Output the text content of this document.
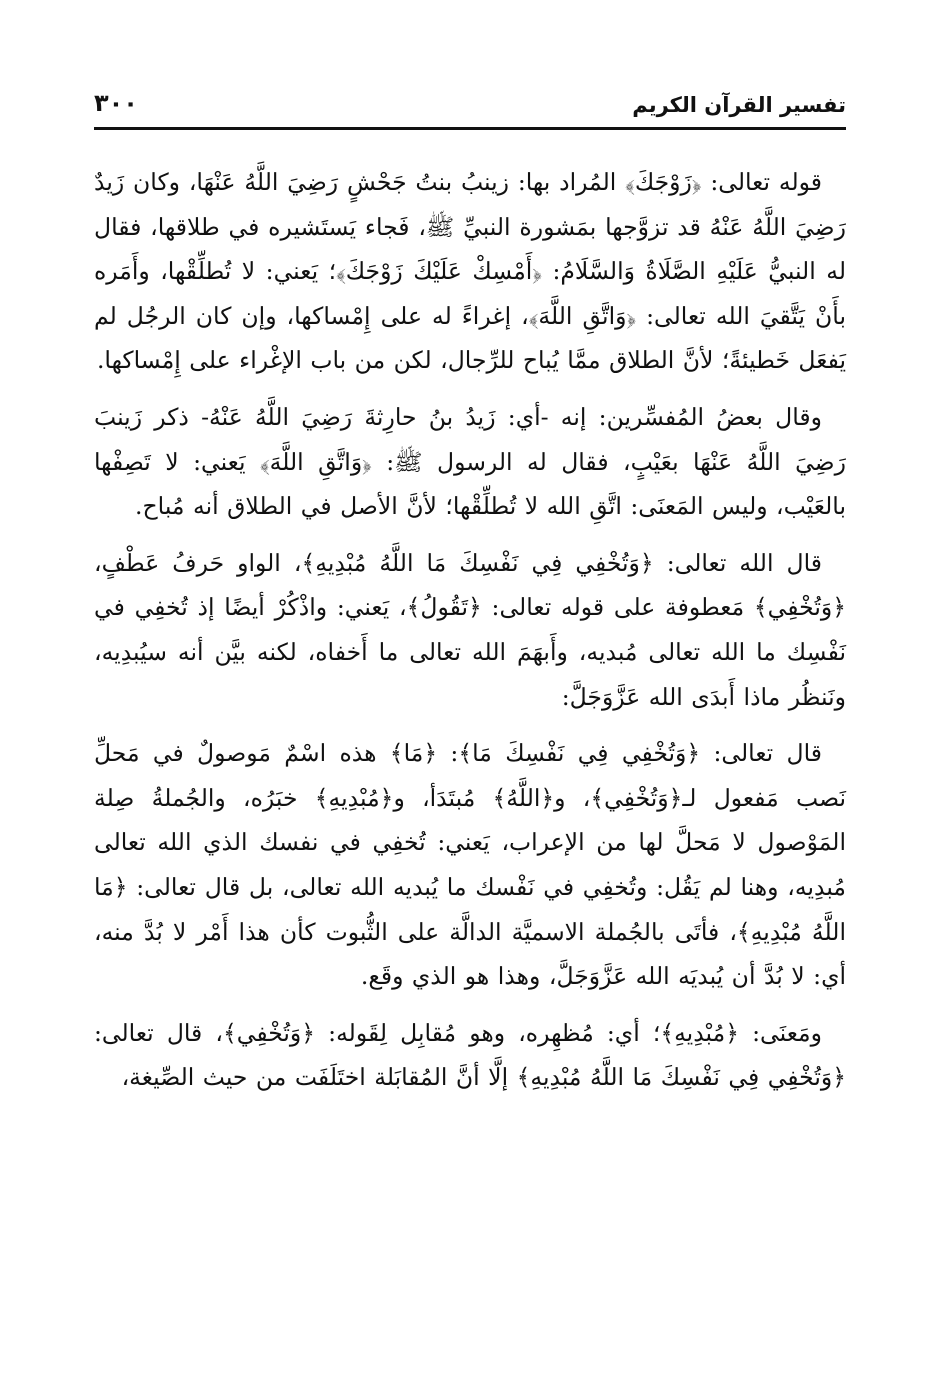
تفسير القرآن الكريم
٣٠٠

قوله تعالى: ﴿زَوْجَكَ﴾ المُراد بها: زينبُ بنتُ جَحْشٍ رَضِيَ اللَّهُ عَنْهَا، وكان زَيدٌ رَضِيَ اللَّهُ عَنْهُ قد تزوَّجها بمَشورة النبيِّ ﷺ، فَجاء يَستَشيره في طلاقها، فقال له النبيُّ عَلَيْهِ الصَّلَاةُ وَالسَّلَامُ: ﴿أَمْسِكْ عَلَيْكَ زَوْجَكَ﴾؛ يَعني: لا تُطلِّقْها، وأَمَره بأَنْ يَتَّقيَ الله تعالى: ﴿وَاتَّقِ اللَّهَ﴾، إغراءً له على إِمْساكها، وإن كان الرجُل لم يَفعَل خَطيئةً؛ لأنَّ الطلاق ممَّا يُباح للرِّجال، لكن من باب الإغْراء على إِمْساكها.

وقال بعضُ المُفسِّرين: إنه -أي: زَيدُ بنُ حارِثةَ رَضِيَ اللَّهُ عَنْهُ- ذكر زَينبَ رَضِيَ اللَّهُ عَنْهَا بعَيْبٍ، فقال له الرسول ﷺ: ﴿وَاتَّقِ اللَّهَ﴾ يَعني: لا تَصِفْها بالعَيْب، وليس المَعنَى: اتَّقِ الله لا تُطلِّقْها؛ لأنَّ الأصل في الطلاق أنه مُباح.

قال الله تعالى: ﴿وَتُخْفِي فِي نَفْسِكَ مَا اللَّهُ مُبْدِيهِ﴾، الواو حَرفُ عَطْفٍ، ﴿وَتُخْفِي﴾ مَعطوفة على قوله تعالى: ﴿تَقُولُ﴾، يَعني: واذْكُرْ أيضًا إذ تُخفِي في نَفْسِك ما الله تعالى مُبديه، وأَبهَمَ الله تعالى ما أَخفاه، لكنه بيَّن أنه سيُبدِيه، ونَنظُر ماذا أَبدَى الله عَزَّوَجَلَّ:

قال تعالى: ﴿وَتُخْفِي فِي نَفْسِكَ مَا﴾: ﴿مَا﴾ هذه اسْمٌ مَوصولٌ في مَحلِّ نَصب مَفعول لـ﴿وَتُخْفِي﴾، و﴿اللَّهُ﴾ مُبتَدَأ، و﴿مُبْدِيهِ﴾ خبَرُه، والجُملةُ صِلة المَوْصول لا مَحلَّ لها من الإعراب، يَعني: تُخفِي في نفسك الذي الله تعالى مُبدِيه، وهنا لم يَقُل: وتُخفِي في نَفْسك ما يُبديه الله تعالى، بل قال تعالى: ﴿مَا اللَّهُ مُبْدِيهِ﴾، فأتَى بالجُملة الاسميَّة الدالَّة على الثُّبوت كأن هذا أَمْر لا بُدَّ منه، أي: لا بُدَّ أن يُبديَه الله عَزَّوَجَلَّ، وهذا هو الذي وقَع.

ومَعنَى: ﴿مُبْدِيهِ﴾؛ أي: مُظهِره، وهو مُقابِل لِقَوله: ﴿وَتُخْفِي﴾، قال تعالى: ﴿وَتُخْفِي فِي نَفْسِكَ مَا اللَّهُ مُبْدِيهِ﴾ إلَّا أنَّ المُقابَلة اختَلَفَت من حيث الصِّيغة،
